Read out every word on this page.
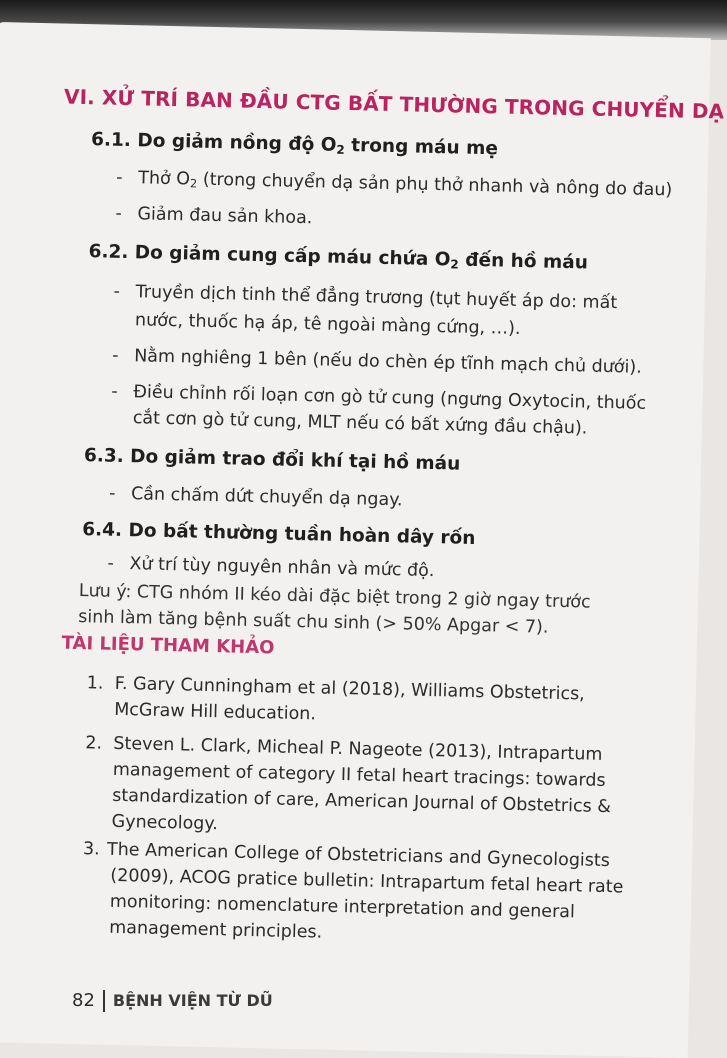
VI. XỬ TRÍ BAN ĐẦU CTG BẤT THƯỜNG TRONG CHUYỂN DẠ
6.1. Do giảm nồng độ $O_2$ trong máu mẹ
- Thở $O_2$ (trong chuyển dạ sản phụ thở nhanh và nông do đau)
- Giảm đau sản khoa.
6.2. Do giảm cung cấp máu chứa $O_2$ đến hồ máu
- Truyền dịch tinh thể đẳng trương (tụt huyết áp do: mất
nước, thuốc hạ áp, tê ngoài màng cứng, …).
- Nằm nghiêng 1 bên (nếu do chèn ép tĩnh mạch chủ dưới).
- Điều chỉnh rối loạn cơn gò tử cung (ngưng Oxytocin, thuốc
cắt cơn gò tử cung, MLT nếu có bất xứng đầu chậu).
6.3. Do giảm trao đổi khí tại hồ máu
- Cần chấm dứt chuyển dạ ngay.
6.4. Do bất thường tuần hoàn dây rốn
- Xử trí tùy nguyên nhân và mức độ.
Lưu ý: CTG nhóm II kéo dài đặc biệt trong 2 giờ ngay trước
sinh làm tăng bệnh suất chu sinh (> 50% Apgar < 7).
TÀI LIỆU THAM KHẢO
1. F. Gary Cunningham et al (2018), Williams Obstetrics,
McGraw Hill education.
2. Steven L. Clark, Micheal P. Nageote (2013), Intrapartum
management of category II fetal heart tracings: towards
standardization of care, American Journal of Obstetrics &
Gynecology.
3. The American College of Obstetricians and Gynecologists
(2009), ACOG pratice bulletin: Intrapartum fetal heart rate
monitoring: nomenclature interpretation and general
management principles.
82 BỆNH VIỆN TỪ DŨ
